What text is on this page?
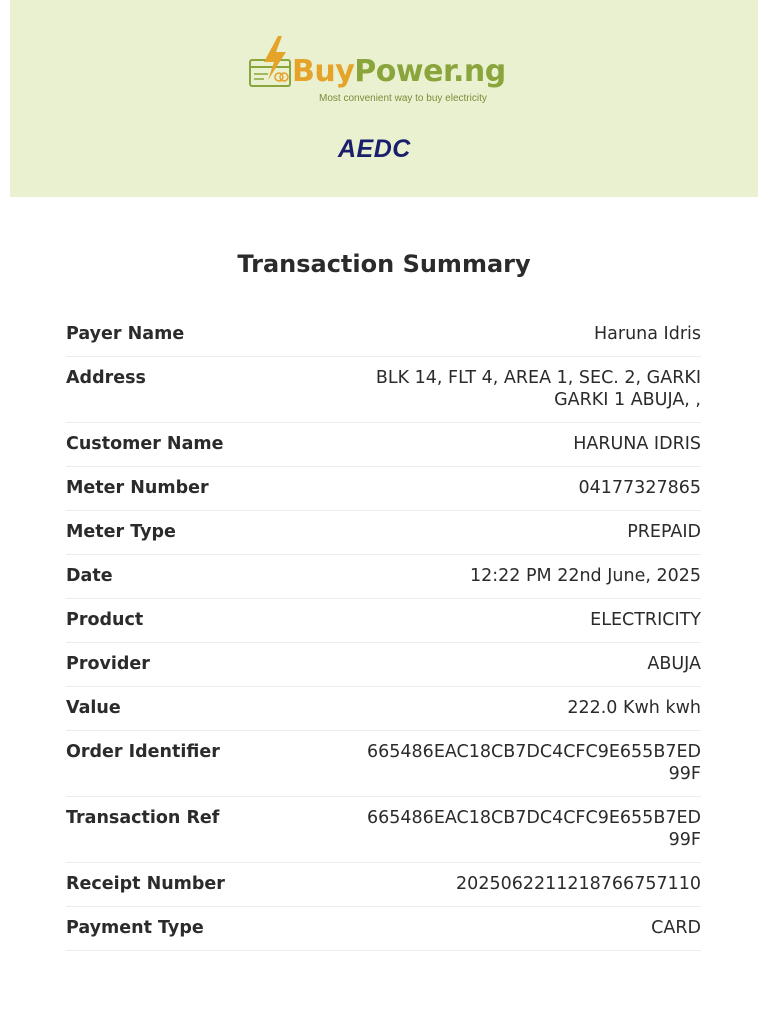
BuyPower.ng
Most convenient way to buy electricity
AEDC
Transaction Summary
Payer Name	Haruna Idris
Address	BLK 14, FLT 4, AREA 1, SEC. 2, GARKI GARKI 1 ABUJA, ,
Customer Name	HARUNA IDRIS
Meter Number	04177327865
Meter Type	PREPAID
Date	12:22 PM 22nd June, 2025
Product	ELECTRICITY
Provider	ABUJA
Value	222.0 Kwh kwh
Order Identifier	665486EAC18CB7DC4CFC9E655B7ED99F
Transaction Ref	665486EAC18CB7DC4CFC9E655B7ED99F
Receipt Number	2025062211218766757110
Payment Type	CARD
